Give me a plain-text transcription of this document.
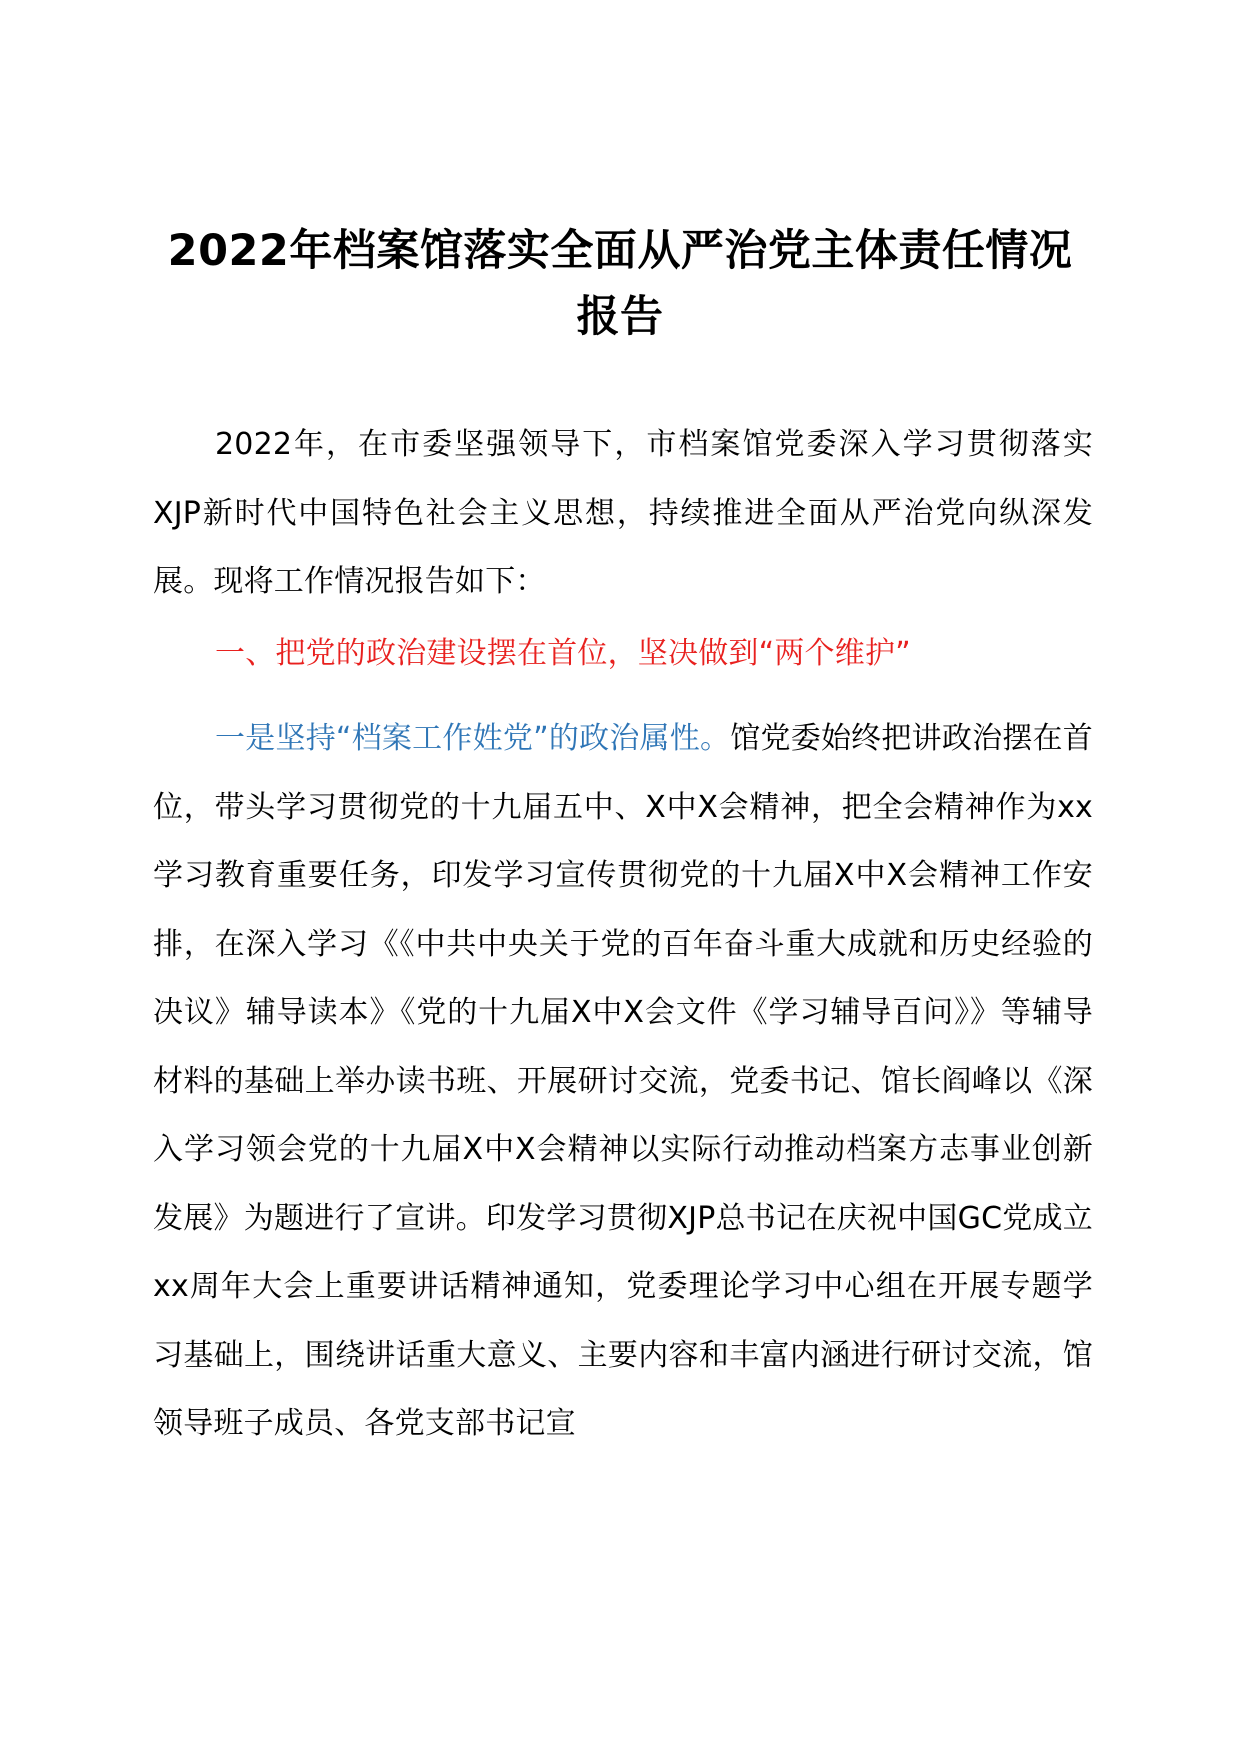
2022年档案馆落实全面从严治党主体责任情况报告

2022年，在市委坚强领导下，市档案馆党委深入学习贯彻落实XJP新时代中国特色社会主义思想，持续推进全面从严治党向纵深发展。现将工作情况报告如下：

一、把党的政治建设摆在首位，坚决做到“两个维护”

一是坚持“档案工作姓党”的政治属性。馆党委始终把讲政治摆在首位，带头学习贯彻党的十九届五中、X中X会精神，把全会精神作为xx学习教育重要任务，印发学习宣传贯彻党的十九届X中X会精神工作安排，在深入学习《《中共中央关于党的百年奋斗重大成就和历史经验的决议》辅导读本》《党的十九届X中X会文件《学习辅导百问》》等辅导材料的基础上举办读书班、开展研讨交流，党委书记、馆长阎峰以《深入学习领会党的十九届X中X会精神以实际行动推动档案方志事业创新发展》为题进行了宣讲。印发学习贯彻XJP总书记在庆祝中国GC党成立xx周年大会上重要讲话精神通知，党委理论学习中心组在开展专题学习基础上，围绕讲话重大意义、主要内容和丰富内涵进行研讨交流，馆领导班子成员、各党支部书记宣
